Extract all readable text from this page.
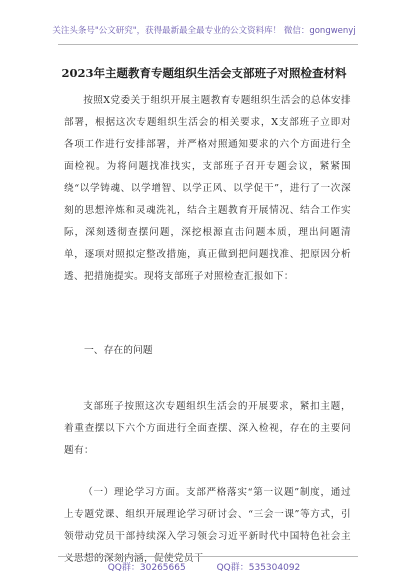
关注头条号"公文研究"，获得最新最全最专业的公文资料库！ 微信：gongwenyj
2023年主题教育专题组织生活会支部班子对照检查材料

按照X党委关于组织开展主题教育专题组织生活会的总体安排部署，根据这次专题组织生活会的相关要求，X支部班子立即对各项工作进行安排部署，并严格对照通知要求的六个方面进行全面检视。为将问题找准找实，支部班子召开专题会议，紧紧围绕“以学铸魂、以学增智、以学正风、以学促干”，进行了一次深刻的思想淬炼和灵魂洗礼，结合主题教育开展情况、结合工作实际，深刻透彻查摆问题，深挖根源直击问题本质，理出问题清单，逐项对照拟定整改措施，真正做到把问题找准、把原因分析透、把措施提实。现将支部班子对照检查汇报如下：

一、存在的问题

支部班子按照这次专题组织生活会的开展要求，紧扣主题，着重查摆以下六个方面进行全面查摆、深入检视，存在的主要问题有：

（一）理论学习方面。支部严格落实“第一议题”制度，通过上专题党课、组织开展理论学习研讨会、“三会一课”等方式，引领带动党员干部持续深入学习领会习近平新时代中国特色社会主义思想的深刻内涵，促使党员干

QQ群：30265665	QQ群：535304092
